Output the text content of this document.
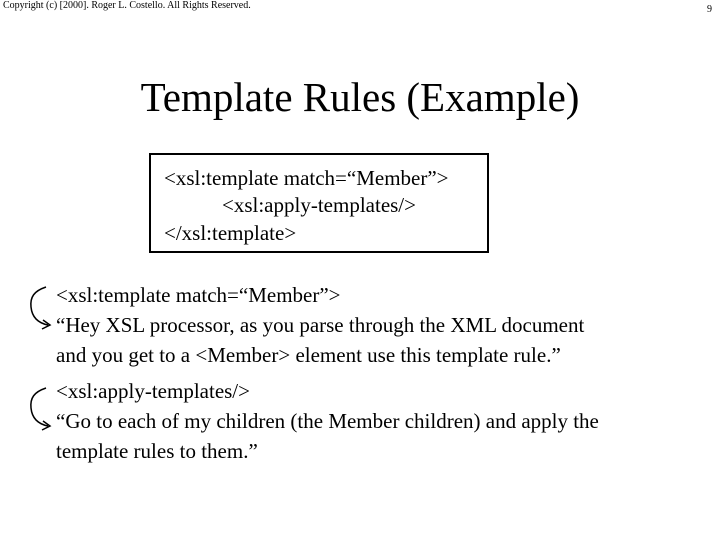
Copyright (c) [2000]. Roger L. Costello. All Rights Reserved.	9
Template Rules (Example)
<xsl:template match=“Member”>
<xsl:apply-templates/>
</xsl:template>
<xsl:template match=“Member”>
“Hey XSL processor, as you parse through the XML document
and you get to a <Member> element use this template rule.”
<xsl:apply-templates/>
“Go to each of my children (the Member children) and apply the
template rules to them.”
